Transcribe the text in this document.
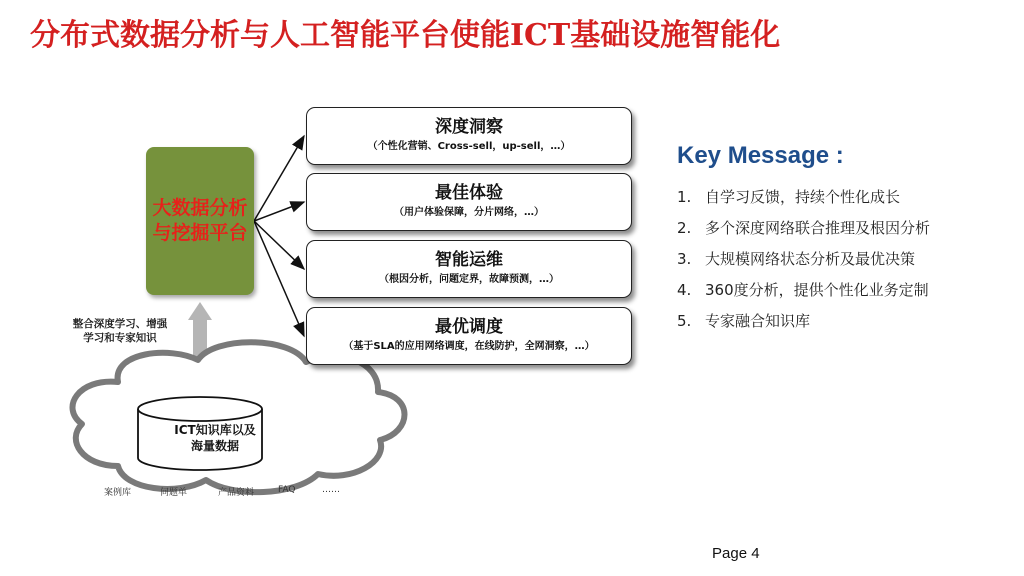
分布式数据分析与人工智能平台使能ICT基础设施智能化
大数据分析
与挖掘平台
深度洞察
（个性化营销、Cross-sell，up-sell，…）
最佳体验
（用户体验保障，分片网络，…）
智能运维
（根因分析，问题定界，故障预测，…）
最优调度
（基于SLA的应用网络调度，在线防护，全网洞察，…）
整合深度学习、增强
学习和专家知识
ICT知识库以及
海量数据
案例库	问题单	产品资料	FAQ	……
Key Message :
1. 自学习反馈，持续个性化成长
2. 多个深度网络联合推理及根因分析
3. 大规模网络状态分析及最优决策
4. 360度分析，提供个性化业务定制
5. 专家融合知识库
Page 4
